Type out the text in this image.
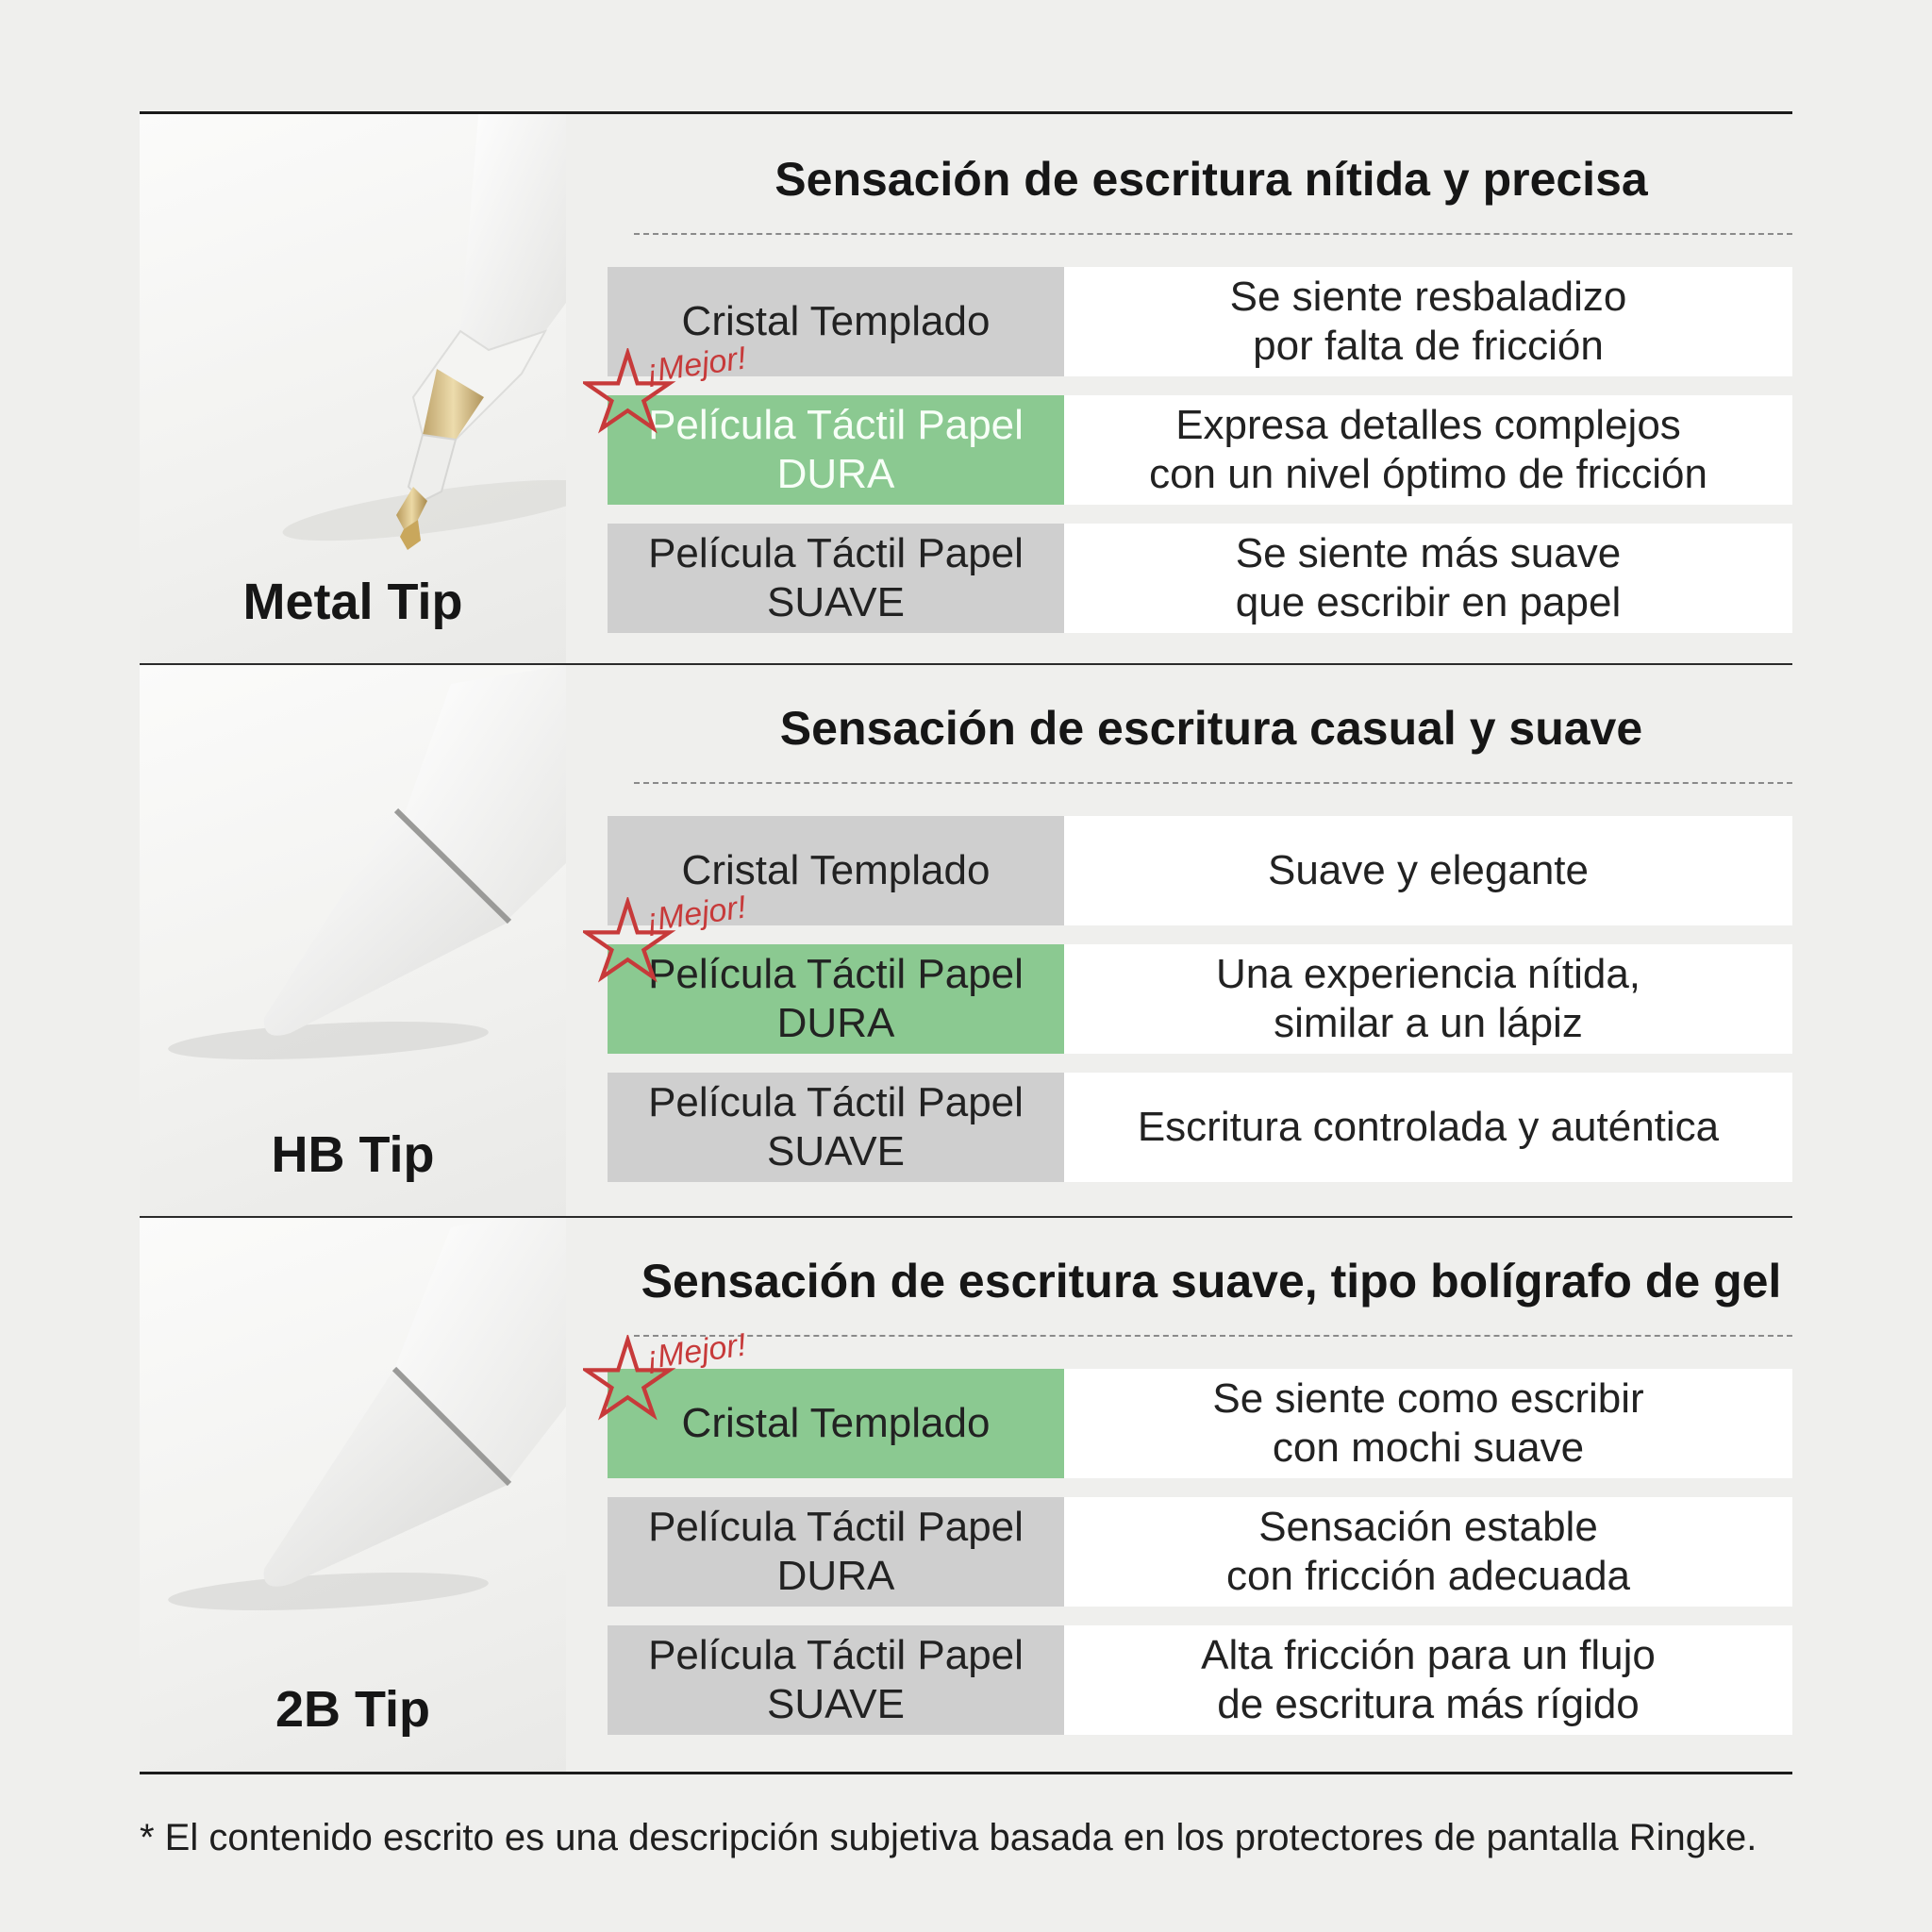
Metal Tip
Sensación de escritura nítida y precisa
Cristal Templado
Se siente resbaladizo
por falta de fricción
Película Táctil Papel
DURA
Expresa detalles complejos
con un nivel óptimo de fricción
Película Táctil Papel
SUAVE
Se siente más suave
que escribir en papel
¡Mejor!
HB Tip
Sensación de escritura casual y suave
Cristal Templado	Suave y elegante
Película Táctil Papel
DURA
Una experiencia nítida,
similar a un lápiz
Película Táctil Papel
SUAVE
Escritura controlada y auténtica
¡Mejor!
2B Tip
Sensación de escritura suave, tipo bolígrafo de gel
Cristal Templado
Se siente como escribir
con mochi suave
Película Táctil Papel
DURA
Sensación estable
con fricción adecuada
Película Táctil Papel
SUAVE
Alta fricción para un flujo
de escritura más rígido
¡Mejor!
* El contenido escrito es una descripción subjetiva basada en los protectores de pantalla Ringke.
